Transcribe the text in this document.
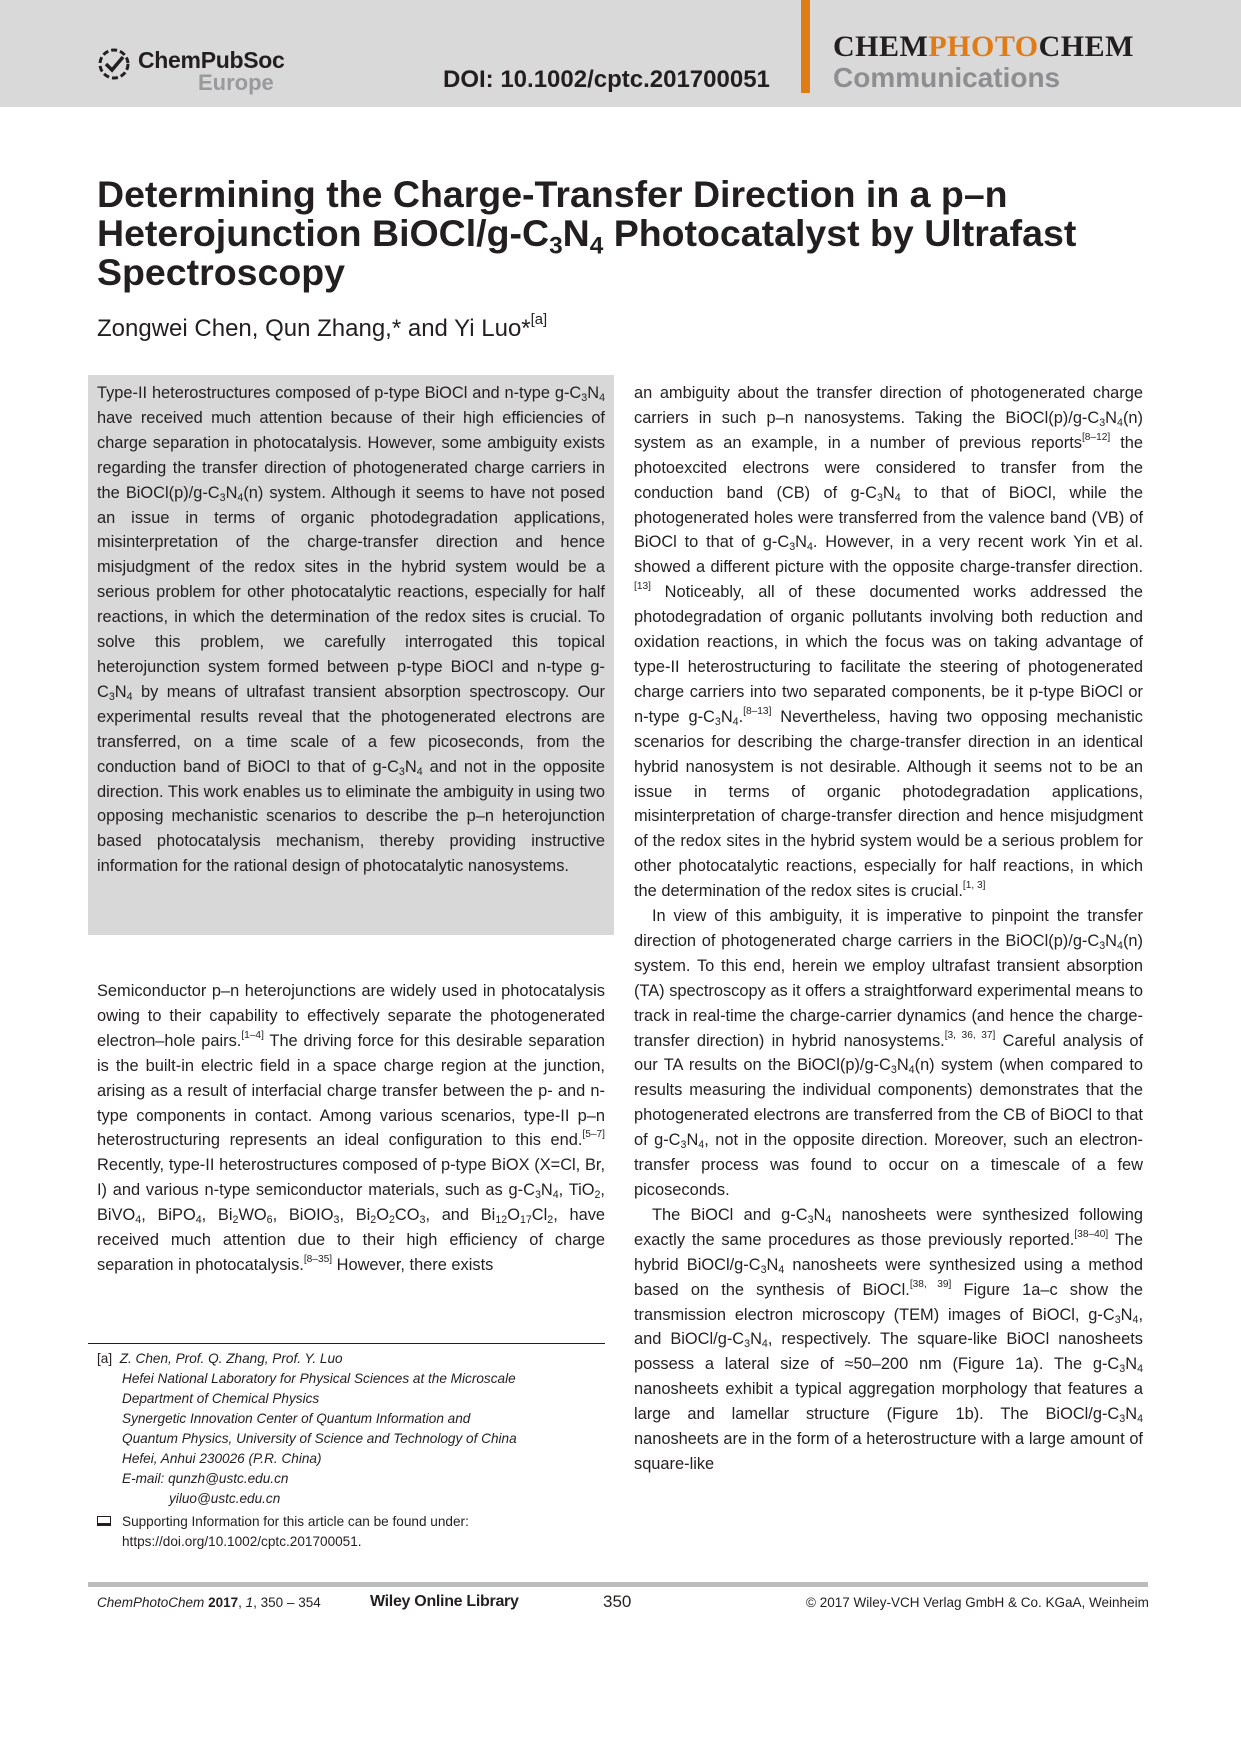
ChemPubSoc
Europe	DOI: 10.1002/cptc.201700051
CHEMPHOTOCHEM
Communications
Determining the Charge-Transfer Direction in a p–n
Heterojunction BiOCl/$g-C_3N_4$ Photocatalyst by Ultrafast
Spectroscopy
Zongwei Chen, Qun Zhang,* and Yi Luo*[a]
Type-II heterostructures composed of p-type BiOCl and n-type $g-C_3N_4$ have received much attention because of their high efficiencies of charge separation in photocatalysis. However, some ambiguity exists regarding the transfer direction of photogenerated charge carriers in the $BiOCl(p)/g-C_3N_4(n)$ system. Although it seems to have not posed an issue in terms of organic photodegradation applications, misinterpretation of the charge-transfer direction and hence misjudgment of the redox sites in the hybrid system would be a serious problem for other photocatalytic reactions, especially for half reactions, in which the determination of the redox sites is crucial. To solve this problem, we carefully interrogated this topical heterojunction system formed between p-type BiOCl and n-type $g-C_3N_4$ by means of ultrafast transient absorption spectroscopy. Our experimental results reveal that the photogenerated electrons are transferred, on a time scale of a few picoseconds, from the conduction band of BiOCl to that of $g-C_3N_4$ and not in the opposite direction. This work enables us to eliminate the ambiguity in using two opposing mechanistic scenarios to describe the p–n heterojunction based photocatalysis mechanism, thereby providing instructive information for the rational design of photocatalytic nanosystems.
Semiconductor p–n heterojunctions are widely used in photocatalysis owing to their capability to effectively separate the photogenerated electron–hole pairs.[1–4] The driving force for this desirable separation is the built-in electric field in a space charge region at the junction, arising as a result of interfacial charge transfer between the p- and n-type components in contact. Among various scenarios, type-II p–n heterostructuring represents an ideal configuration to this end.[5–7] Recently, type-II heterostructures composed of p-type BiOX (X=Cl, Br, I) and various n-type semiconductor materials, such as $g-C_3N_4$, TiO$_2$, BiVO$_4$, BiPO$_4$, $Bi_2WO_6$, BiOIO$_3$, $Bi_2O_2CO_3$, and $Bi_{12}O_{17}Cl_2$, have received much attention due to their high efficiency of charge separation in photocatalysis.[8–35] However, there exists
an ambiguity about the transfer direction of photogenerated charge carriers in such p–n nanosystems. Taking the $BiOCl(p)/g-C_3N_4(n)$ system as an example, in a number of previous reports[8–12] the photoexcited electrons were considered to transfer from the conduction band (CB) of $g-C_3N_4$ to that of BiOCl, while the photogenerated holes were transferred from the valence band (VB) of BiOCl to that of $g-C_3N_4$. However, in a very recent work Yin et al. showed a different picture with the opposite charge-transfer direction.[13] Noticeably, all of these documented works addressed the photodegradation of organic pollutants involving both reduction and oxidation reactions, in which the focus was on taking advantage of type-II heterostructuring to facilitate the steering of photogenerated charge carriers into two separated components, be it p-type BiOCl or n-type $g-C_3N_4.[8-13]$ Nevertheless, having two opposing mechanistic scenarios for describing the charge-transfer direction in an identical hybrid nanosystem is not desirable. Although it seems not to be an issue in terms of organic photodegradation applications, misinterpretation of charge-transfer direction and hence misjudgment of the redox sites in the hybrid system would be a serious problem for other photocatalytic reactions, especially for half reactions, in which the determination of the redox sites is crucial.[1, 3]
In view of this ambiguity, it is imperative to pinpoint the transfer direction of photogenerated charge carriers in the $BiOCl(p)/g-C_3N_4(n)$ system. To this end, herein we employ ultrafast transient absorption (TA) spectroscopy as it offers a straightforward experimental means to track in real-time the charge-carrier dynamics (and hence the charge-transfer direction) in hybrid nanosystems.[3, 36, 37] Careful analysis of our TA results on the $BiOCl(p)/g-C_3N_4(n)$ system (when compared to results measuring the individual components) demonstrates that the photogenerated electrons are transferred from the CB of BiOCl to that of $g-C_3N_4$, not in the opposite direction. Moreover, such an electron-transfer process was found to occur on a timescale of a few picoseconds.
The BiOCl and $g-C_3N_4$ nanosheets were synthesized following exactly the same procedures as those previously reported.[38–40] The hybrid BiOCl/$g-C_3N_4$ nanosheets were synthesized using a method based on the synthesis of BiOCl.[38, 39] Figure 1a–c show the transmission electron microscopy (TEM) images of BiOCl, $g-C_3N_4$, and BiOCl/$g-C_3N_4$, respectively. The square-like BiOCl nanosheets possess a lateral size of ≈50–200 nm (Figure 1a). The $g-C_3N_4$ nanosheets exhibit a typical aggregation morphology that features a large and lamellar structure (Figure 1b). The BiOCl/$g-C_3N_4$ nanosheets are in the form of a heterostructure with a large amount of square-like
[a] Z. Chen, Prof. Q. Zhang, Prof. Y. Luo
Hefei National Laboratory for Physical Sciences at the Microscale
Department of Chemical Physics
Synergetic Innovation Center of Quantum Information and
Quantum Physics, University of Science and Technology of China
Hefei, Anhui 230026 (P.R. China)
E-mail: qunzh@ustc.edu.cn
yiluo@ustc.edu.cn
Supporting Information for this article can be found under:
https://doi.org/10.1002/cptc.201700051.
ChemPhotoChem 2017, 1, 350 – 354	Wiley Online Library	350	© 2017 Wiley-VCH Verlag GmbH & Co. KGaA, Weinheim
